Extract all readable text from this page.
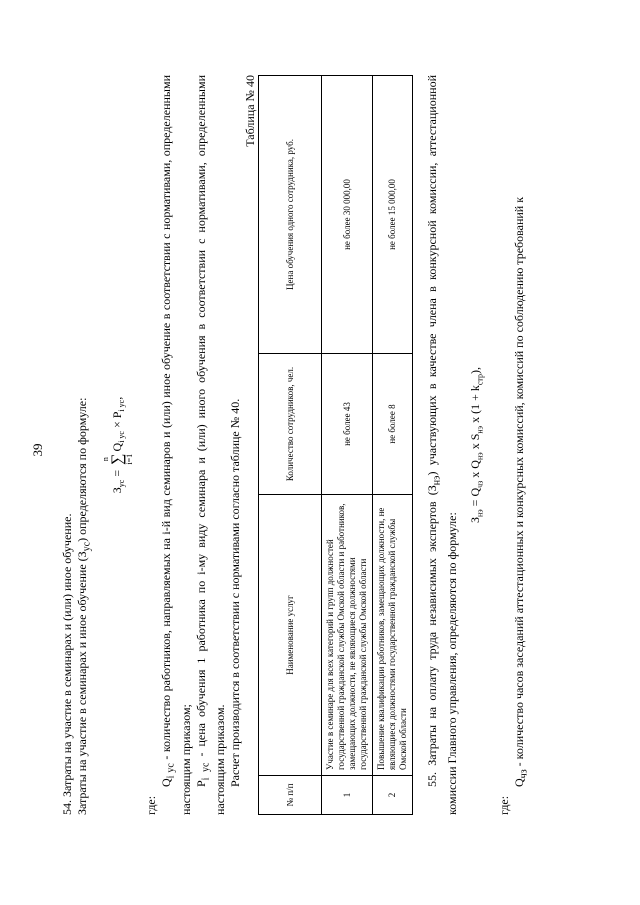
39

54. Затраты на участие в семинарах и (или) иное обучение. Затраты на участие в семинарах и иное обучение $(З_{ус})$ определяются по формуле:	$З_{ус} = n$ ∑ $i=1Q_{i ус} \times P_{i ус}$,

где:

$Q_{i ус}$ - количество работников, направляемых на i-й вид семинаров и (или) иное обучение в соответствии с нормативами, определенными настоящим приказом; $P_{i ус}$ - цена обучения 1 работника по i-му виду семинара и (или) иного обучения в соответствии с нормативами, определенными настоящим приказом. Расчет производится в соответствии с нормативами согласно таблице № 40.

Таблица № 40

№ п/п	Наименование услуг	Количество сотрудников, чел.	Цена обучения одного сотрудника, руб.
1	Участие в семинаре для всех категорий и групп должностей государственной гражданской службы Омской области и работников, замещающих должности, не являющиеся должностями государственной гражданской службы Омской области	не более 43	не более 30 000,00
2	Повышение квалификации работников, замещающих должности, не являющиеся должностями государственной гражданской службы Омской области	не более 8	не более 15 000,00

55. Затраты на оплату труда независимых экспертов $(З_{нэ})$ участвующих в качестве члена в конкурсной комиссии, аттестационной комиссии Главного управления, определяются по формуле: $З_{нэ} = Q_{чз}$ x $Q_{нэ}$ x $S_{нэ}$ x $(1 + k_{стр})$,

где:

$Q_{чз}$ - количество часов заседаний аттестационных и конкурсных комиссий, комиссий по соблюдению требований к
